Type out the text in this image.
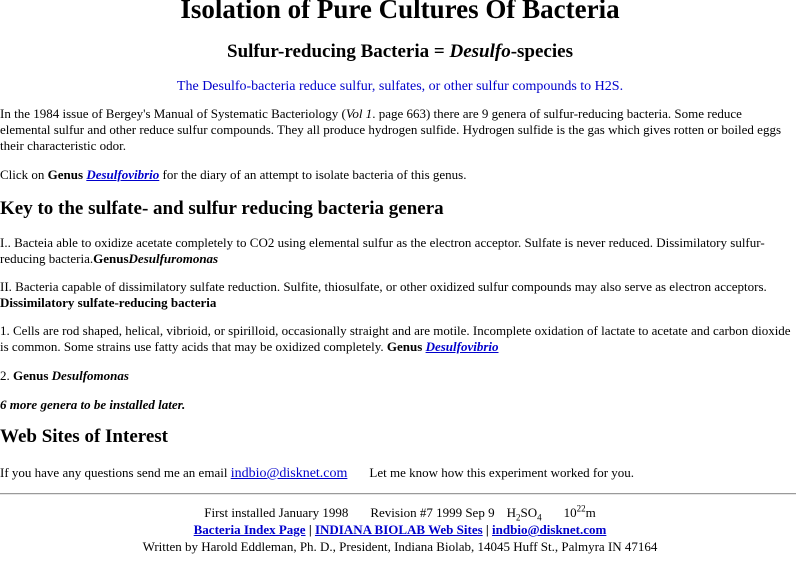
Isolation of Pure Cultures Of Bacteria
Sulfur-reducing Bacteria = Desulfo-species
The Desulfo-bacteria reduce sulfur, sulfates, or other sulfur compounds to H2S.

In the 1984 issue of Bergey's Manual of Systematic Bacteriology (Vol 1. page 663) there are 9 genera of sulfur-reducing bacteria. Some reduce elemental sulfur and other reduce sulfur compounds. They all produce hydrogen sulfide. Hydrogen sulfide is the gas which gives rotten or boiled eggs their characteristic odor.

Click on Genus Desulfovibrio for the diary of an attempt to isolate bacteria of this genus.

Key to the sulfate- and sulfur reducing bacteria genera

I.. Bacteia able to oxidize acetate completely to CO2 using elemental sulfur as the electron acceptor. Sulfate is never reduced. Dissimilatory sulfur-reducing bacteria.GenusDesulfuromonas

II. Bacteria capable of dissimilatory sulfate reduction. Sulfite, thiosulfate, or other oxidized sulfur compounds may also serve as electron acceptors.
Dissimilatory sulfate-reducing bacteria

1. Cells are rod shaped, helical, vibrioid, or spirilloid, occasionally straight and are motile. Incomplete oxidation of lactate to acetate and carbon dioxide is common. Some strains use fatty acids that may be oxidized completely. Genus Desulfovibrio

2. Genus Desulfomonas

6 more genera to be installed later.

Web Sites of Interest

If you have any questions send me an email indbio@disknet.com Let me know how this experiment worked for you.

First installed January 1998 Revision #7 1999 Sep 9 $H_2SO_4$ $10^{22}m$
Bacteria Index Page | INDIANA BIOLAB Web Sites | indbio@disknet.com
Written by Harold Eddleman, Ph. D., President, Indiana Biolab, 14045 Huff St., Palmyra IN 47164
